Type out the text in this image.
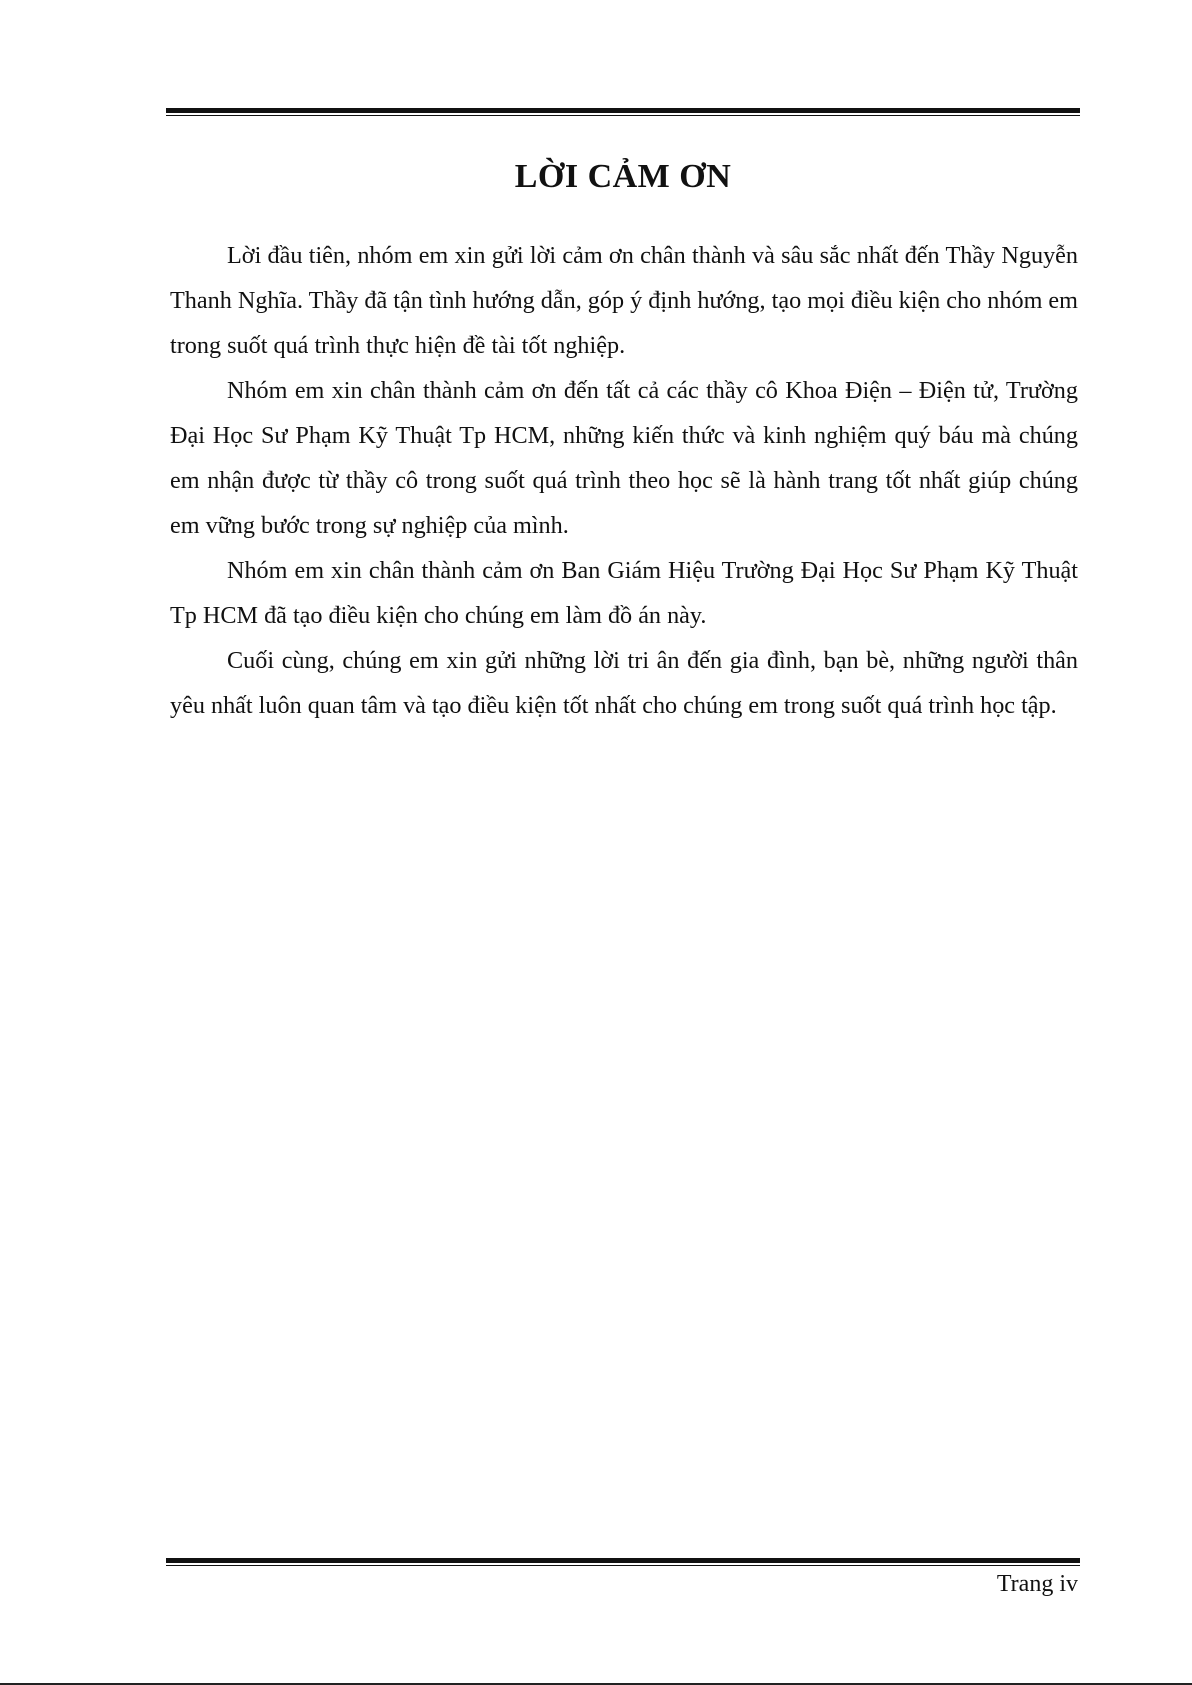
LỜI CẢM ƠN

Lời đầu tiên, nhóm em xin gửi lời cảm ơn chân thành và sâu sắc nhất đến Thầy Nguyễn Thanh Nghĩa. Thầy đã tận tình hướng dẫn, góp ý định hướng, tạo mọi điều kiện cho nhóm em trong suốt quá trình thực hiện đề tài tốt nghiệp.

Nhóm em xin chân thành cảm ơn đến tất cả các thầy cô Khoa Điện – Điện tử, Trường Đại Học Sư Phạm Kỹ Thuật Tp HCM, những kiến thức và kinh nghiệm quý báu mà chúng em nhận được từ thầy cô trong suốt quá trình theo học sẽ là hành trang tốt nhất giúp chúng em vững bước trong sự nghiệp của mình.

Nhóm em xin chân thành cảm ơn Ban Giám Hiệu Trường Đại Học Sư Phạm Kỹ Thuật Tp HCM đã tạo điều kiện cho chúng em làm đồ án này.

Cuối cùng, chúng em xin gửi những lời tri ân đến gia đình, bạn bè, những người thân yêu nhất luôn quan tâm và tạo điều kiện tốt nhất cho chúng em trong suốt quá trình học tập.

Trang iv
